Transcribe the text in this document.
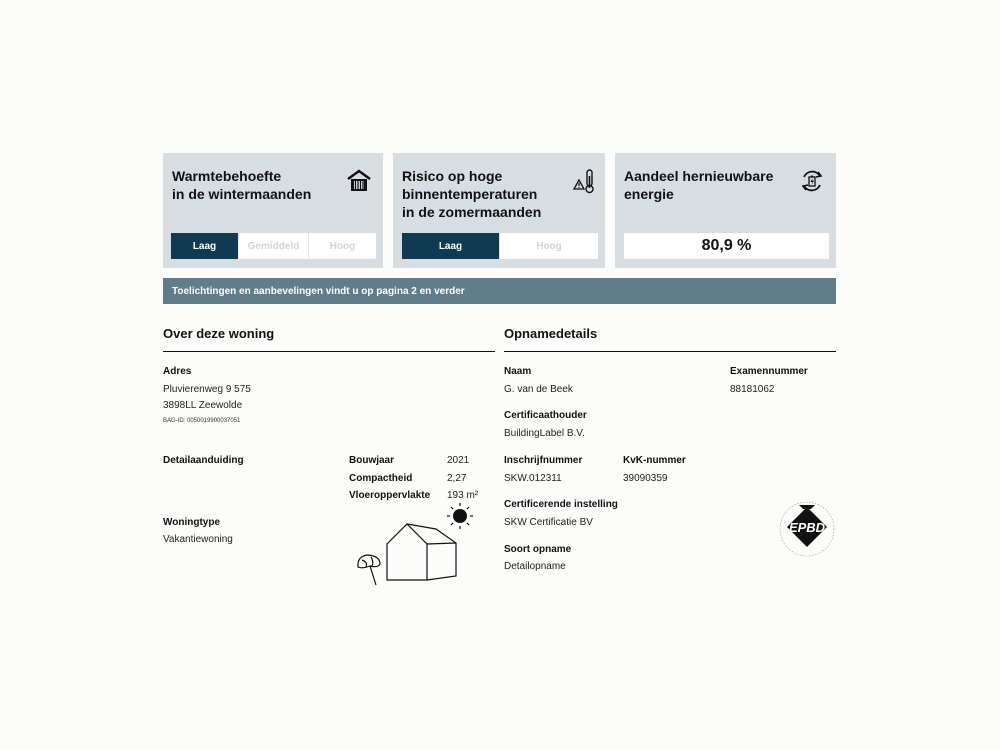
Warmtebehoefte
in de wintermaanden
Laag	Gemiddeld	Hoog
Risico op hoge
binnentemperaturen
in de zomermaanden
Laag	Hoog
Aandeel hernieuwbare
energie
80,9 %
Toelichtingen en aanbevelingen vindt u op pagina 2 en verder
Over deze woning
Adres
Pluvierenweg 9 575
3898LL Zeewolde
BAG-ID: 0050019900037051
Detailaanduiding	Bouwjaar	2021
Compactheid	2,27
Vloeroppervlakte 193 m²
Woningtype
Vakantiewoning
Opnamedetails
Naam
G. van de Beek
Examennummer
88181062
Certificaathouder
BuildingLabel B.V.
Inschrijfnummer
SKW.012311
KvK-nummer
39090359
Certificerende instelling
SKW Certificatie BV
Soort opname
Detailopname
EPBD
